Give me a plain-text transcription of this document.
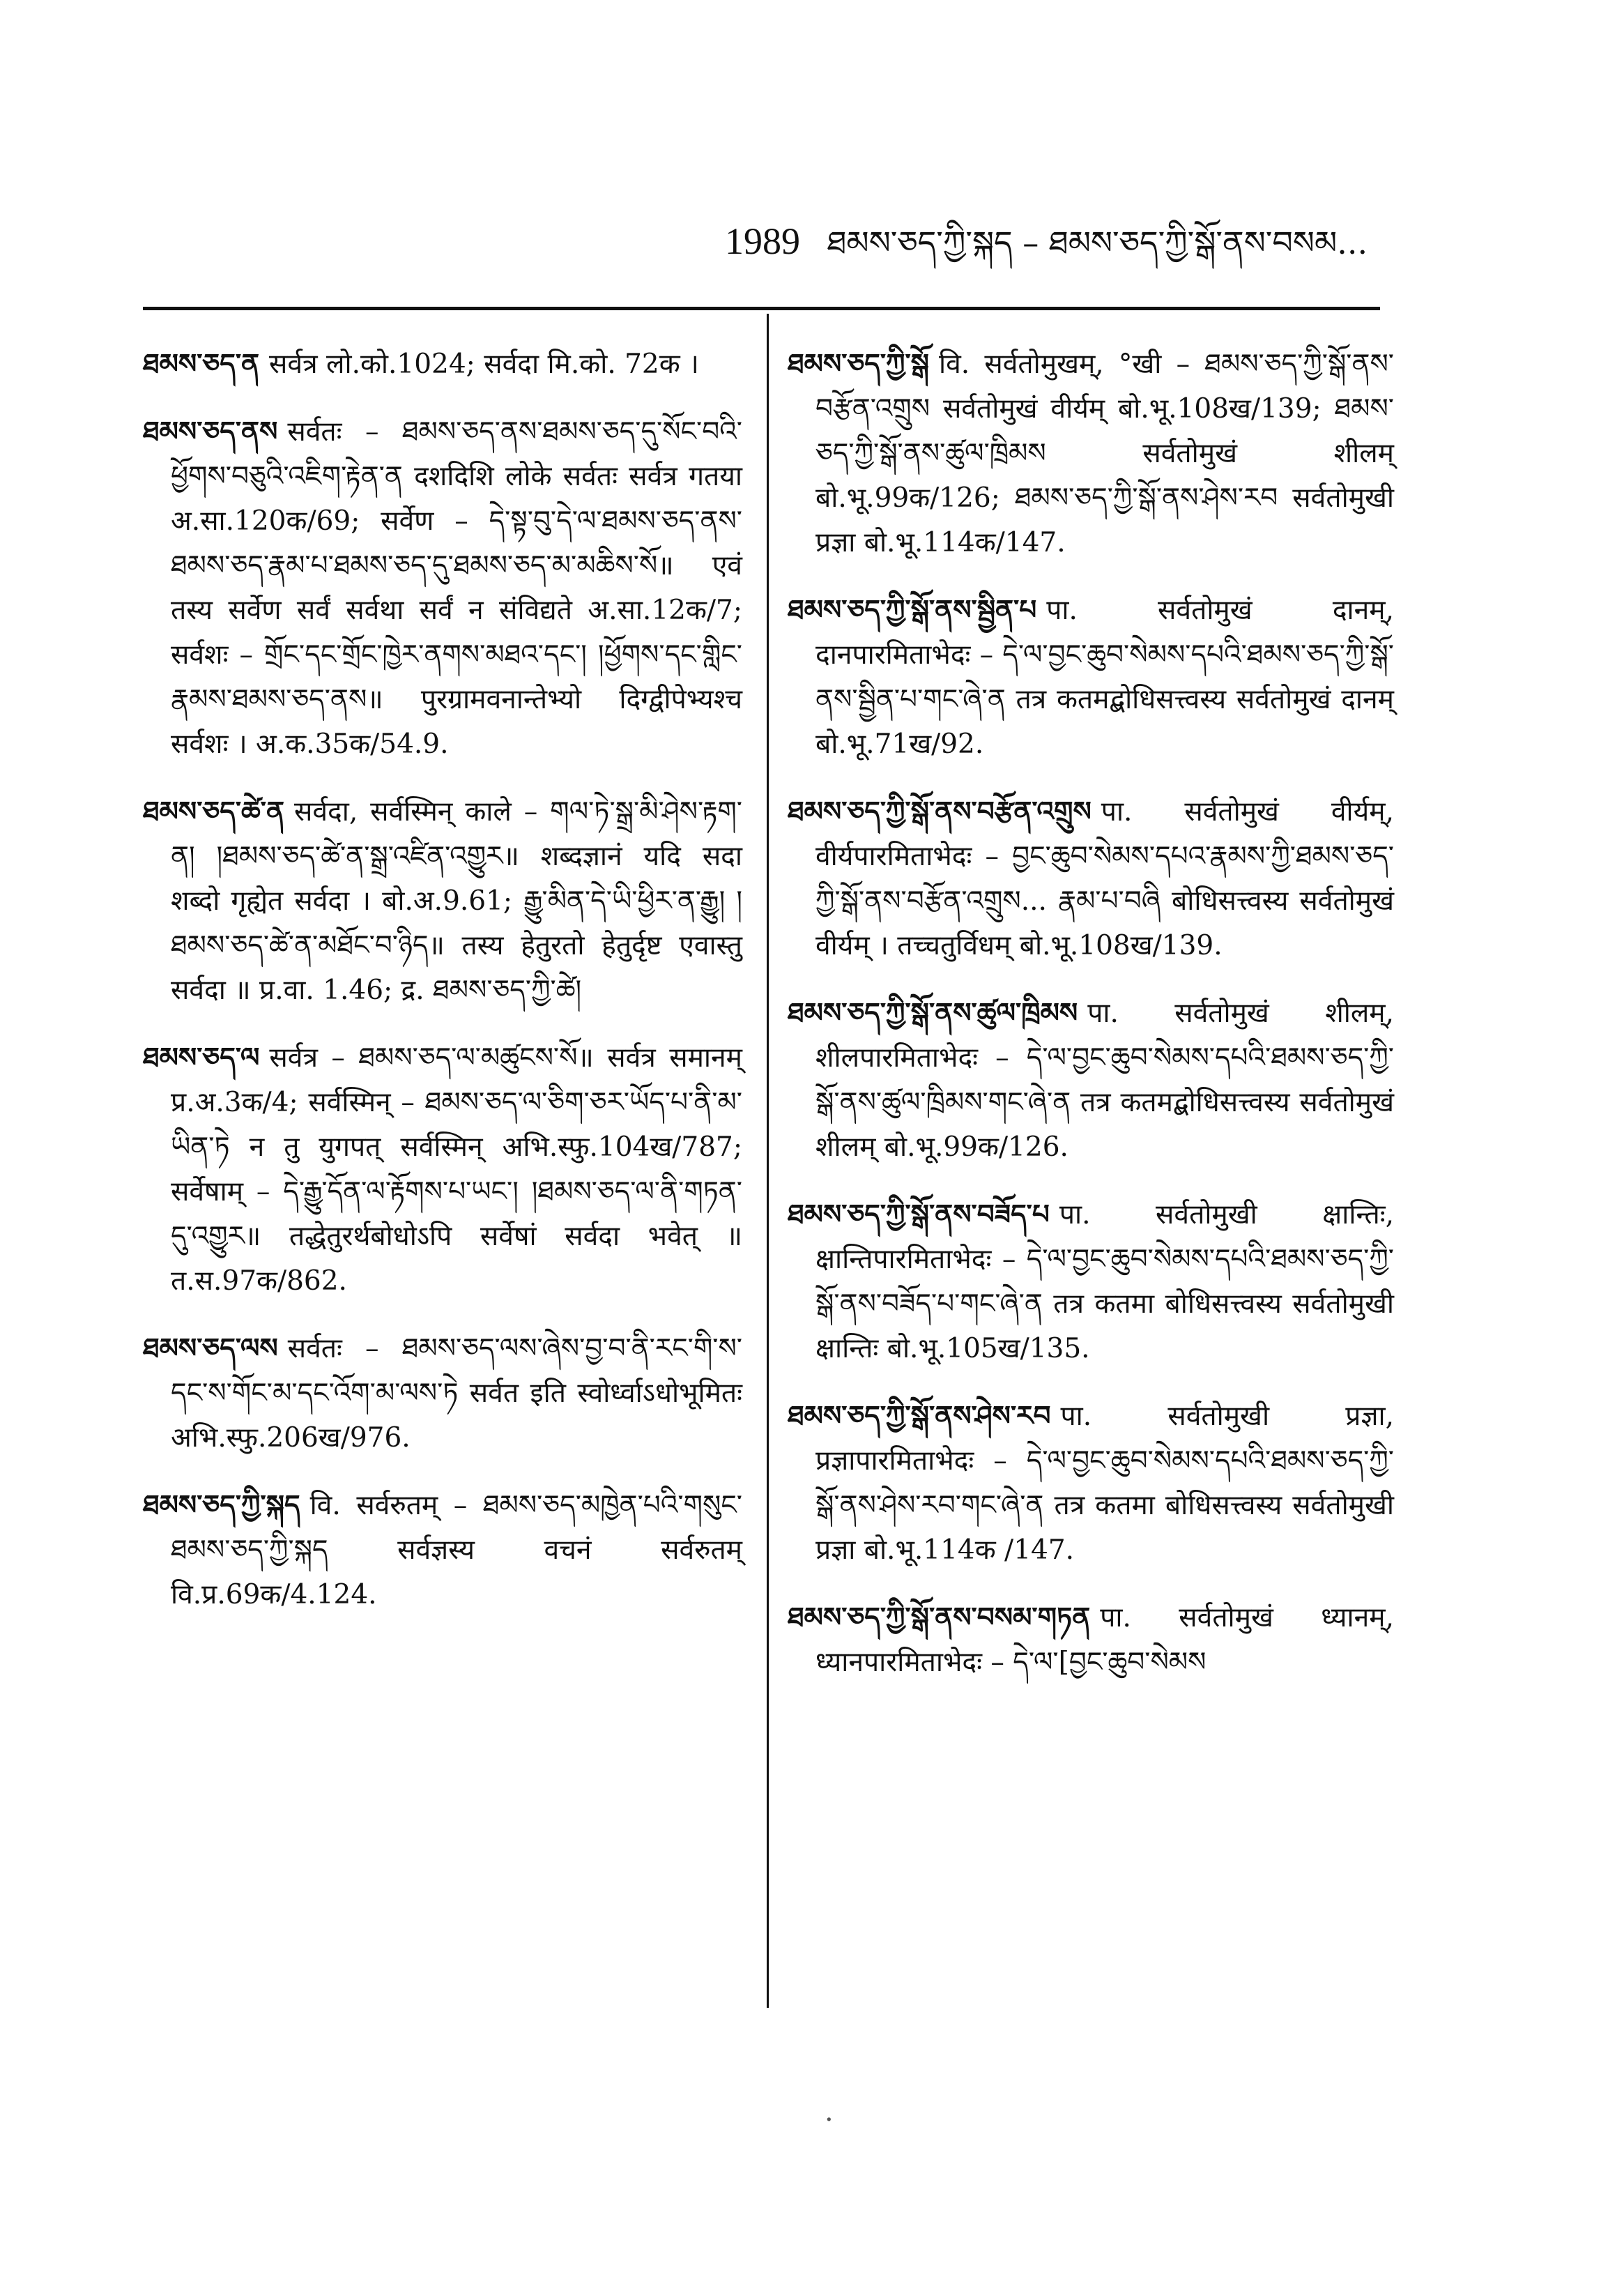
1989 ཐམས་ཅད་ཀྱི་སྐད – ཐམས་ཅད་ཀྱི་སྒོ་ནས་བསམ...

ཐམས་ཅད་ན सर्वत्र लो.को.1024; सर्वदा मि.को. 72क ।

ཐམས་ཅད་ནས सर्वतः – ཐམས་ཅད་ནས་ཐམས་ཅད་དུ་སོང་བའི་ཕྱོགས་བཅུའི་འཇིག་རྟེན་ན दशदिशि लोके सर्वतः सर्वत्र गतया अ.सा.120क/69; सर्वेण – དེ་སྟ་བུ་དེ་ལ་ཐམས་ཅད་ནས་ཐམས་ཅད་རྣམ་པ་ཐམས་ཅད་དུ་ཐམས་ཅད་མ་མཆིས་སོ॥ एवं तस्य सर्वेण सर्वं सर्वथा सर्वं न संविद्यते अ.सा.12क/7; सर्वशः – གྲོང་དང་གྲོང་ཁྱེར་ནགས་མཐའ་དང་། །ཕྱོགས་དང་གླིང་རྣམས་ཐམས་ཅད་ནས॥ पुरग्रामवनान्तेभ्यो दिग्द्वीपेभ्यश्च सर्वशः । अ.क.35क/54.9.

ཐམས་ཅད་ཚེ་ན सर्वदा, सर्वस्मिन् काले – གལ་ཏེ་སྒྲ་མི་ཤེས་རྟག་ན། །ཐམས་ཅད་ཚེ་ན་སྒྲ་འཛིན་འགྱུར॥ शब्दज्ञानं यदि सदा शब्दो गृह्येत सर्वदा । बो.अ.9.61; རྒྱུ་མིན་དེ་ཡི་ཕྱིར་ན་རྒྱུ། །ཐམས་ཅད་ཚེ་ན་མཐོང་བ་ཉིད॥ तस्य हेतुरतो हेतुर्दृष्ट एवास्तु सर्वदा ॥ प्र.वा. 1.46; द्र. ཐམས་ཅད་ཀྱི་ཚེ།

ཐམས་ཅད་ལ सर्वत्र – ཐམས་ཅད་ལ་མཚུངས་སོ॥ सर्वत्र समानम् प्र.अ.3क/4; सर्वस्मिन् – ཐམས་ཅད་ལ་ཅིག་ཅར་ཡོད་པ་ནི་མ་ཡིན་ཏེ न तु युगपत् सर्वस्मिन् अभि.स्फु.104ख/787; सर्वेषाम् – དེ་རྒྱུ་དོན་ལ་རྟོགས་པ་ཡང་། །ཐམས་ཅད་ལ་ནི་གཏན་དུ་འགྱུར॥ तद्धेतुरर्थबोधोऽपि सर्वेषां सर्वदा भवेत् ॥ त.स.97क/862.

ཐམས་ཅད་ལས सर्वतः – ཐམས་ཅད་ལས་ཞེས་བྱ་བ་ནི་རང་གི་ས་དང་ས་གོང་མ་དང་འོག་མ་ལས་ཏེ सर्वत इति स्वोर्ध्वाऽधोभूमितः अभि.स्फु.206ख/976.

ཐམས་ཅད་ཀྱི་སྐད वि. सर्वरुतम् – ཐམས་ཅད་མཁྱེན་པའི་གསུང་ཐམས་ཅད་ཀྱི་སྐད सर्वज्ञस्य वचनं सर्वरुतम् वि.प्र.69क/4.124.

ཐམས་ཅད་ཀྱི་སྒོ वि. सर्वतोमुखम्, °खी – ཐམས་ཅད་ཀྱི་སྒོ་ནས་བརྩོན་འགྲུས सर्वतोमुखं वीर्यम् बो.भू.108ख/139; ཐམས་ཅད་ཀྱི་སྒོ་ནས་ཚུལ་ཁྲིམས सर्वतोमुखं शीलम् बो.भू.99क/126; ཐམས་ཅད་ཀྱི་སྒོ་ནས་ཤེས་རབ सर्वतोमुखी प्रज्ञा बो.भू.114क/147.

ཐམས་ཅད་ཀྱི་སྒོ་ནས་སྦྱིན་པ पा. सर्वतोमुखं दानम्, दानपारमिताभेदः – དེ་ལ་བྱང་ཆུབ་སེམས་དཔའི་ཐམས་ཅད་ཀྱི་སྒོ་ནས་སྦྱིན་པ་གང་ཞེ་ན तत्र कतमद्बोधिसत्त्वस्य सर्वतोमुखं दानम् बो.भू.71ख/92.

ཐམས་ཅད་ཀྱི་སྒོ་ནས་བརྩོན་འགྲུས पा. सर्वतोमुखं वीर्यम्, वीर्यपारमिताभेदः – བྱང་ཆུབ་སེམས་དཔའ་རྣམས་ཀྱི་ཐམས་ཅད་ཀྱི་སྒོ་ནས་བརྩོན་འགྲུས... རྣམ་པ་བཞི बोधिसत्त्वस्य सर्वतोमुखं वीर्यम् । तच्चतुर्विधम् बो.भू.108ख/139.

ཐམས་ཅད་ཀྱི་སྒོ་ནས་ཚུལ་ཁྲིམས पा. सर्वतोमुखं शीलम्, शीलपारमिताभेदः – དེ་ལ་བྱང་ཆུབ་སེམས་དཔའི་ཐམས་ཅད་ཀྱི་སྒོ་ནས་ཚུལ་ཁྲིམས་གང་ཞེ་ན तत्र कतमद्बोधिसत्त्वस्य सर्वतोमुखं शीलम् बो.भू.99क/126.

ཐམས་ཅད་ཀྱི་སྒོ་ནས་བཟོད་པ पा. सर्वतोमुखी क्षान्तिः, क्षान्तिपारमिताभेदः – དེ་ལ་བྱང་ཆུབ་སེམས་དཔའི་ཐམས་ཅད་ཀྱི་སྒོ་ནས་བཟོད་པ་གང་ཞེ་ན तत्र कतमा बोधिसत्त्वस्य सर्वतोमुखी क्षान्तिः बो.भू.105ख/135.

ཐམས་ཅད་ཀྱི་སྒོ་ནས་ཤེས་རབ पा. सर्वतोमुखी प्रज्ञा, प्रज्ञापारमिताभेदः – དེ་ལ་བྱང་ཆུབ་སེམས་དཔའི་ཐམས་ཅད་ཀྱི་སྒོ་ནས་ཤེས་རབ་གང་ཞེ་ན तत्र कतमा बोधिसत्त्वस्य सर्वतोमुखी प्रज्ञा बो.भू.114क /147.

ཐམས་ཅད་ཀྱི་སྒོ་ནས་བསམ་གཏན पा. सर्वतोमुखं ध्यानम्, ध्यानपारमिताभेदः – དེ་ལ་[བྱང་ཆུབ་སེམས

·
